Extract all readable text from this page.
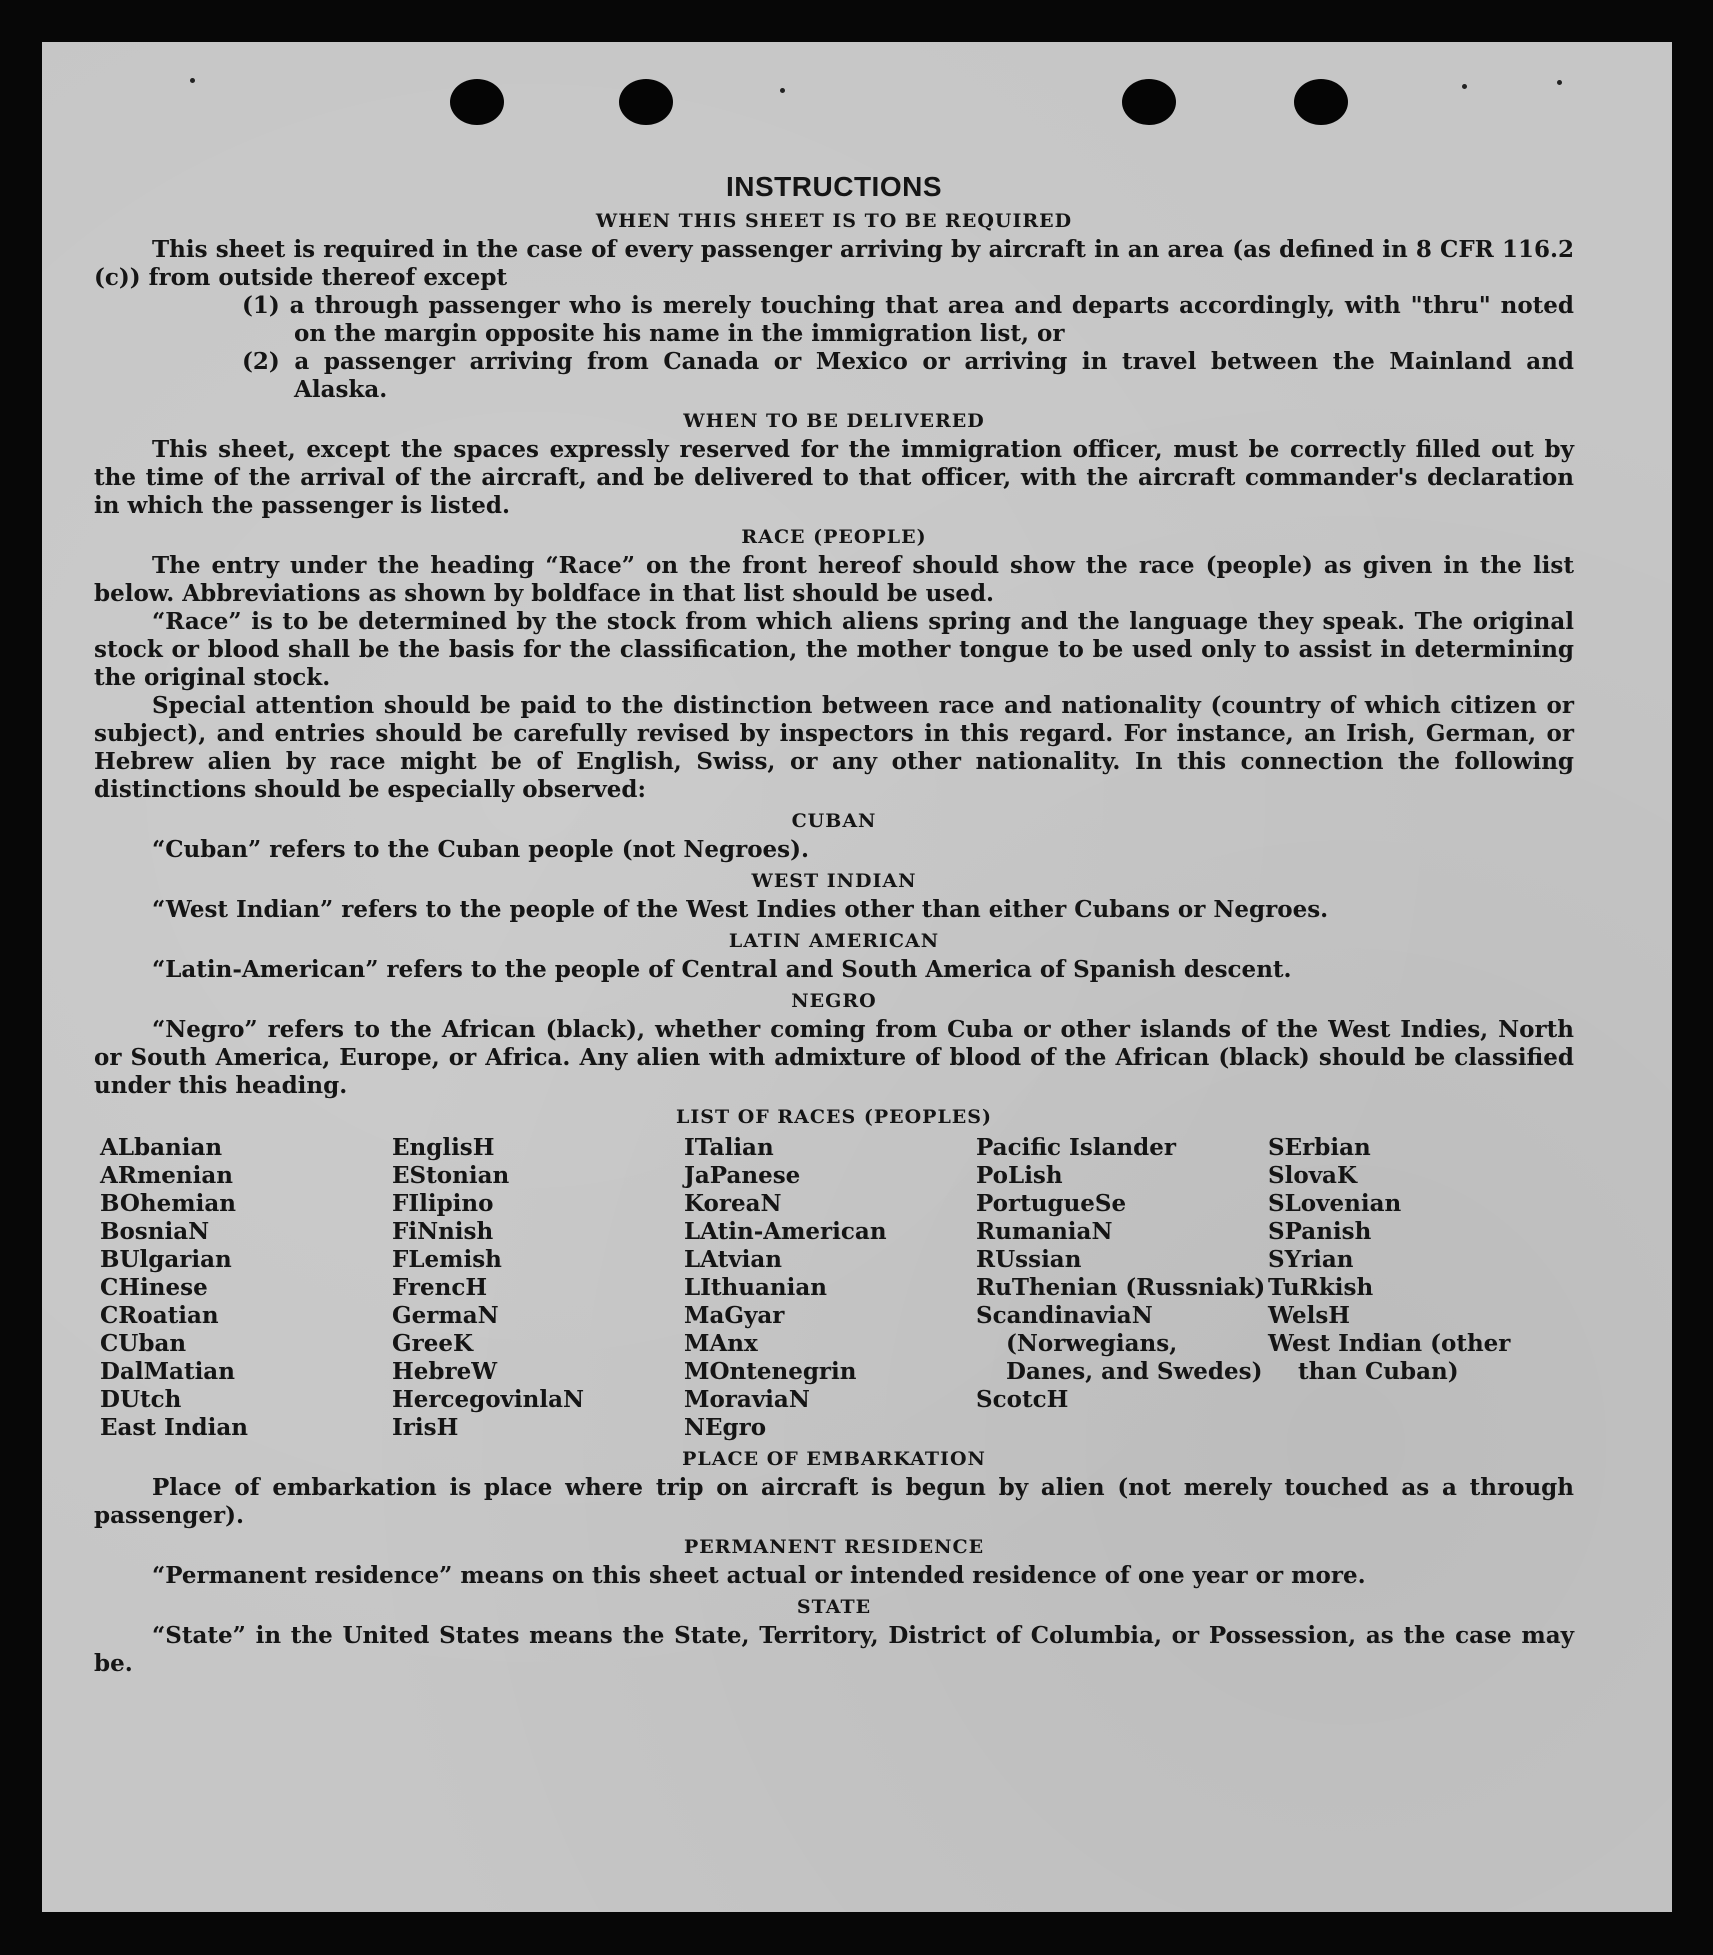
INSTRUCTIONS
WHEN THIS SHEET IS TO BE REQUIRED

This sheet is required in the case of every passenger arriving by aircraft in an area (as defined in 8 CFR 116.2 (c)) from outside thereof except

(1) a through passenger who is merely touching that area and departs accordingly, with "thru" noted on the margin opposite his name in the immigration list, or

(2) a passenger arriving from Canada or Mexico or arriving in travel between the Mainland and Alaska.

WHEN TO BE DELIVERED

This sheet, except the spaces expressly reserved for the immigration officer, must be correctly filled out by the time of the arrival of the aircraft, and be delivered to that officer, with the aircraft commander's declaration in which the passenger is listed.

RACE (PEOPLE)

The entry under the heading “Race” on the front hereof should show the race (people) as given in the list below. Abbreviations as shown by boldface in that list should be used.

“Race” is to be determined by the stock from which aliens spring and the language they speak. The original stock or blood shall be the basis for the classification, the mother tongue to be used only to assist in determining the original stock.

Special attention should be paid to the distinction between race and nationality (country of which citizen or subject), and entries should be carefully revised by inspectors in this regard. For instance, an Irish, German, or Hebrew alien by race might be of English, Swiss, or any other nationality. In this connection the following distinctions should be especially observed:

CUBAN

“Cuban” refers to the Cuban people (not Negroes).

WEST INDIAN

“West Indian” refers to the people of the West Indies other than either Cubans or Negroes.

LATIN AMERICAN

“Latin-American” refers to the people of Central and South America of Spanish descent.

NEGRO

“Negro” refers to the African (black), whether coming from Cuba or other islands of the West Indies, North or South America, Europe, or Africa. Any alien with admixture of blood of the African (black) should be classified under this heading.

LIST OF RACES (PEOPLES)
ALbanian
ARmenian
BOhemian
BosniaN
BUlgarian
CHinese
CRoatian
CUban
DalMatian
DUtch
East Indian
EnglisH
EStonian
FIlipino
FiNnish
FLemish
FrencH
GermaN
GreeK
HebreW
HercegovinlaN
IrisH
ITalian
JaPanese
KoreaN
LAtin-American
LAtvian
LIthuanian
MaGyar
MAnx
MOntenegrin
MoraviaN
NEgro
Pacific Islander
PoLish
PortugueSe
RumaniaN
RUssian
RuThenian (Russniak)
ScandinaviaN (Norwegians, Danes, and Swedes)
ScotcH
SErbian
SlovaK
SLovenian
SPanish
SYrian
TuRkish
WelsH
West Indian (other than Cuban)
PLACE OF EMBARKATION

Place of embarkation is place where trip on aircraft is begun by alien (not merely touched as a through passenger).

PERMANENT RESIDENCE

“Permanent residence” means on this sheet actual or intended residence of one year or more.

STATE

“State” in the United States means the State, Territory, District of Columbia, or Possession, as the case may be.
